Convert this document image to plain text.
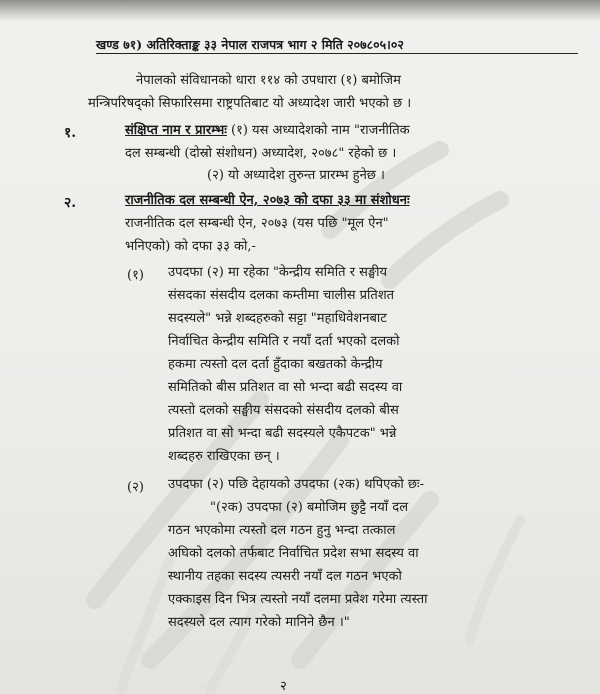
खण्ड ७१) अतिरिक्ताङ्क ३३ नेपाल राजपत्र भाग २ मिति २०७८०५।०२
नेपालको संविधानको धारा ११४ को उपधारा (१) बमोजिम
मन्त्रिपरिषद्को सिफारिसमा राष्ट्रपतिबाट यो अध्यादेश जारी भएको छ ।
१.	संक्षिप्त नाम र प्रारम्भः (१) यस अध्यादेशको नाम "राजनीतिक
दल सम्बन्धी (दोस्रो संशोधन) अध्यादेश, २०७८" रहेको छ ।
(२) यो अध्यादेश तुरुन्त प्रारम्भ हुनेछ ।
२.	राजनीतिक दल सम्बन्धी ऐन, २०७३ को दफा ३३ मा संशोधनः
राजनीतिक दल सम्बन्धी ऐन, २०७३ (यस पछि "मूल ऐन"
भनिएको) को दफा ३३ को,-
(१) उपदफा (२) मा रहेका "केन्द्रीय समिति र सङ्घीय
संसदका संसदीय दलका कम्तीमा चालीस प्रतिशत
सदस्यले" भन्ने शब्दहरुको सट्टा "महाधिवेशनबाट
निर्वाचित केन्द्रीय समिति र नयाँ दर्ता भएको दलको
हकमा त्यस्तो दल दर्ता हुँदाका बखतको केन्द्रीय
समितिको बीस प्रतिशत वा सो भन्दा बढी सदस्य वा
त्यस्तो दलको सङ्घीय संसदको संसदीय दलको बीस
प्रतिशत वा सो भन्दा बढी सदस्यले एकैपटक" भन्ने
शब्दहरु राखिएका छन् ।
(२) उपदफा (२) पछि देहायको उपदफा (२क) थपिएको छः-
"(२क) उपदफा (२) बमोजिम छुट्टै नयाँ दल
गठन भएकोमा त्यस्तो दल गठन हुनु भन्दा तत्काल
अघिको दलको तर्फबाट निर्वाचित प्रदेश सभा सदस्य वा
स्थानीय तहका सदस्य त्यसरी नयाँ दल गठन भएको
एक्काइस दिन भित्र त्यस्तो नयाँ दलमा प्रवेश गरेमा त्यस्ता
सदस्यले दल त्याग गरेको मानिने छैन ।"
२
